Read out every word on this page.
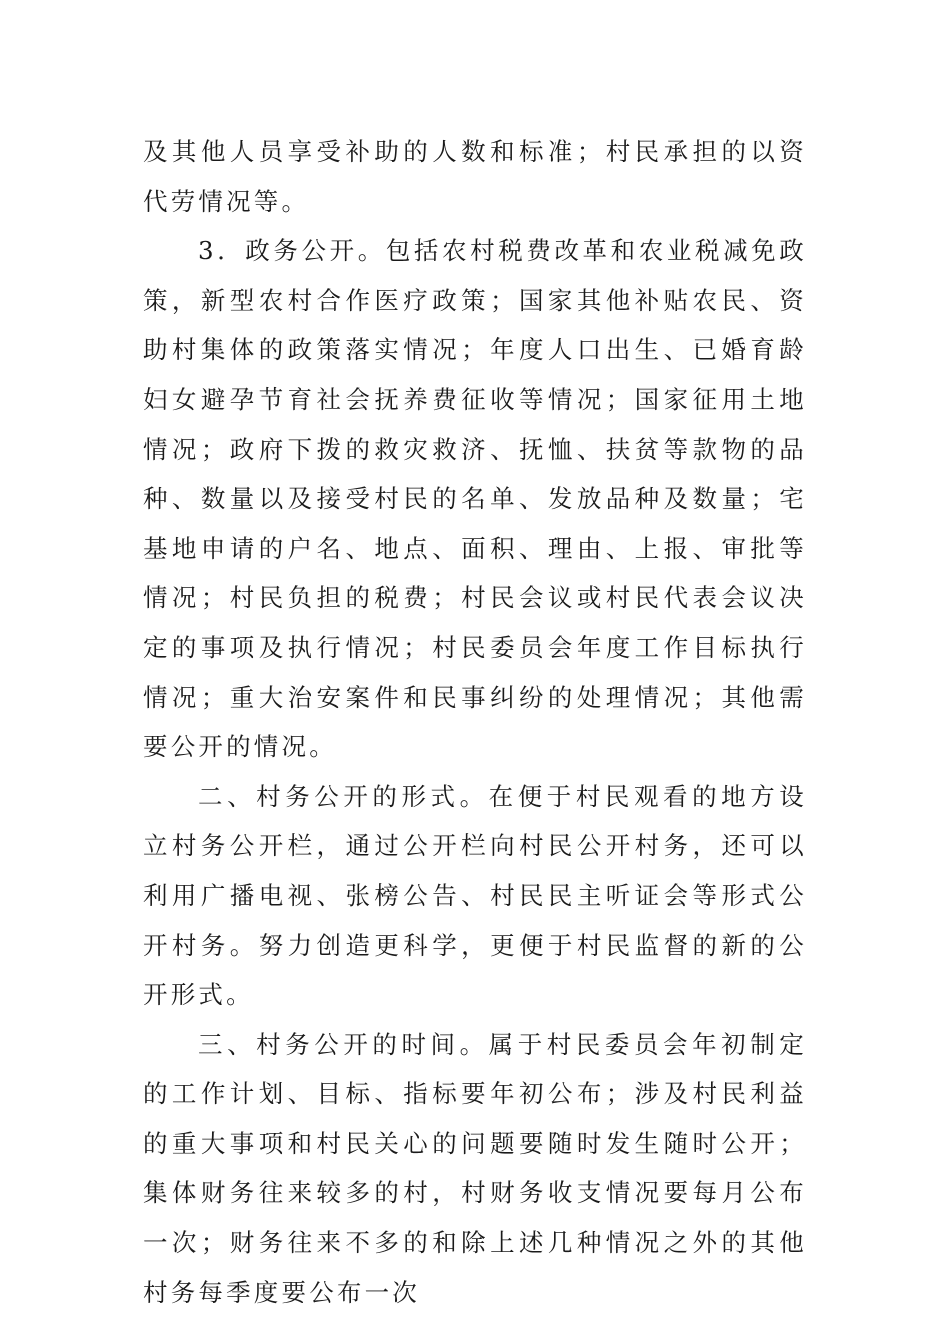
及其他人员享受补助的人数和标准；村民承担的以资代劳情况等。

3．政务公开。包括农村税费改革和农业税减免政策，新型农村合作医疗政策；国家其他补贴农民、资助村集体的政策落实情况；年度人口出生、已婚育龄妇女避孕节育社会抚养费征收等情况；国家征用土地情况；政府下拨的救灾救济、抚恤、扶贫等款物的品种、数量以及接受村民的名单、发放品种及数量；宅基地申请的户名、地点、面积、理由、上报、审批等情况；村民负担的税费；村民会议或村民代表会议决定的事项及执行情况；村民委员会年度工作目标执行情况；重大治安案件和民事纠纷的处理情况；其他需要公开的情况。

二、村务公开的形式。在便于村民观看的地方设立村务公开栏，通过公开栏向村民公开村务，还可以利用广播电视、张榜公告、村民民主听证会等形式公开村务。努力创造更科学，更便于村民监督的新的公开形式。

三、村务公开的时间。属于村民委员会年初制定的工作计划、目标、指标要年初公布；涉及村民利益的重大事项和村民关心的问题要随时发生随时公开；集体财务往来较多的村，村财务收支情况要每月公布一次；财务往来不多的和除上述几种情况之外的其他村务每季度要公布一次
